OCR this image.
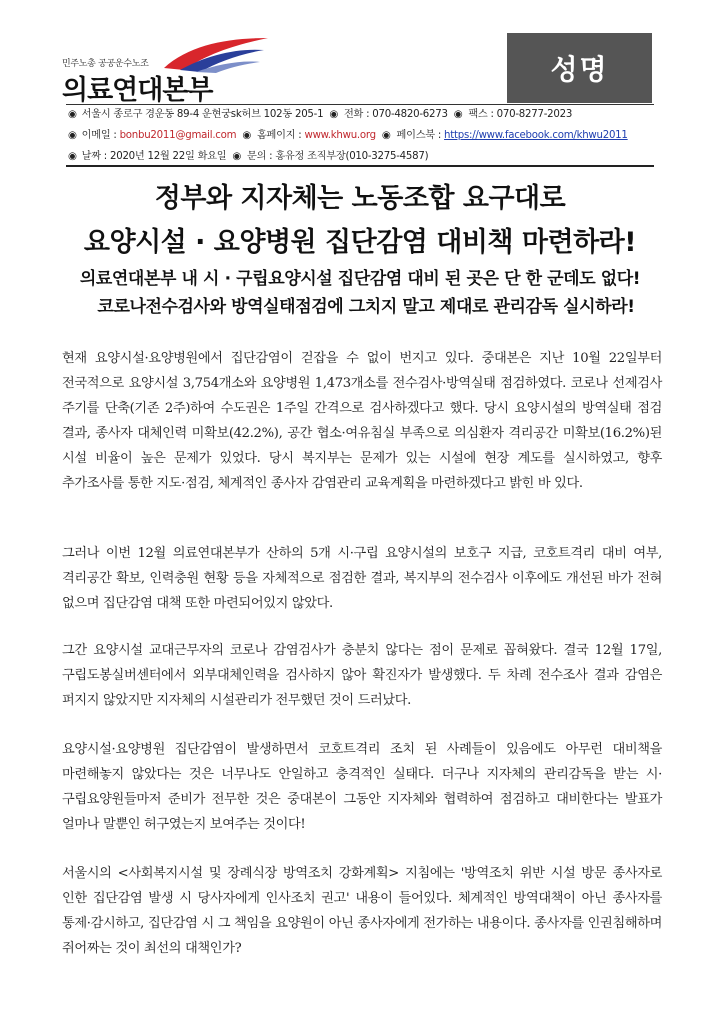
민주노총 공공운수노조
의료연대본부
성명
◉ 서울시 종로구 경운동 89-4 운현궁sk허브 102동 205-1 ◉ 전화 : 070-4820-6273 ◉ 팩스 : 070-8277-2023
◉ 이메일 : bonbu2011@gmail.com ◉ 홈페이지 : www.khwu.org ◉ 페이스북 : https://www.facebook.com/khwu2011
◉ 날짜 : 2020년 12월 22일 화요일 ◉ 문의 : 홍유정 조직부장(010-3275-4587)
정부와 지자체는 노동조합 요구대로
요양시설 · 요양병원 집단감염 대비책 마련하라!
의료연대본부 내 시 · 구립요양시설 집단감염 대비 된 곳은 단 한 군데도 없다!
코로나전수검사와 방역실태점검에 그치지 말고 제대로 관리감독 실시하라!

현재 요양시설·요양병원에서 집단감염이 걷잡을 수 없이 번지고 있다. 중대본은 지난 10월 22일부터 전국적으로 요양시설 3,754개소와 요양병원 1,473개소를 전수검사·방역실태 점검하였다. 코로나 선제검사 주기를 단축(기존 2주)하여 수도권은 1주일 간격으로 검사하겠다고 했다. 당시 요양시설의 방역실태 점검 결과, 종사자 대체인력 미확보(42.2%), 공간 협소·여유침실 부족으로 의심환자 격리공간 미확보(16.2%)된 시설 비율이 높은 문제가 있었다. 당시 복지부는 문제가 있는 시설에 현장 계도를 실시하였고, 향후 추가조사를 통한 지도·점검, 체계적인 종사자 감염관리 교육계획을 마련하겠다고 밝힌 바 있다.

그러나 이번 12월 의료연대본부가 산하의 5개 시·구립 요양시설의 보호구 지급, 코호트격리 대비 여부, 격리공간 확보, 인력충원 현황 등을 자체적으로 점검한 결과, 복지부의 전수검사 이후에도 개선된 바가 전혀 없으며 집단감염 대책 또한 마련되어있지 않았다.

그간 요양시설 교대근무자의 코로나 감염검사가 충분치 않다는 점이 문제로 꼽혀왔다. 결국 12월 17일, 구립도봉실버센터에서 외부대체인력을 검사하지 않아 확진자가 발생했다. 두 차례 전수조사 결과 감염은 퍼지지 않았지만 지자체의 시설관리가 전무했던 것이 드러났다.

요양시설·요양병원 집단감염이 발생하면서 코호트격리 조치 된 사례들이 있음에도 아무런 대비책을 마련해놓지 않았다는 것은 너무나도 안일하고 충격적인 실태다. 더구나 지자체의 관리감독을 받는 시·구립요양원들마저 준비가 전무한 것은 중대본이 그동안 지자체와 협력하여 점검하고 대비한다는 발표가 얼마나 말뿐인 허구였는지 보여주는 것이다!

서울시의 <사회복지시설 및 장례식장 방역조치 강화계획> 지침에는 '방역조치 위반 시설 방문 종사자로 인한 집단감염 발생 시 당사자에게 인사조치 권고' 내용이 들어있다. 체계적인 방역대책이 아닌 종사자를 통제·감시하고, 집단감염 시 그 책임을 요양원이 아닌 종사자에게 전가하는 내용이다. 종사자를 인권침해하며 쥐어짜는 것이 최선의 대책인가?
